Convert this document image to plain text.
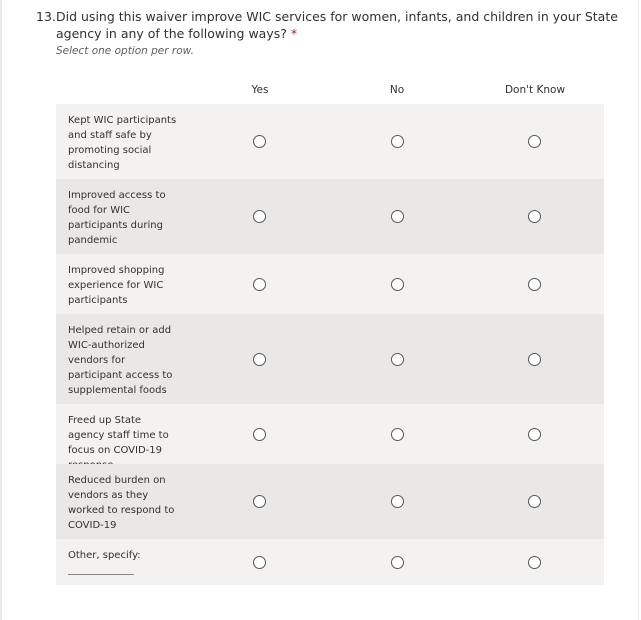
13. Did using this waiver improve WIC services for women, infants, and children in your State agency in any of the following ways? *
Select one option per row.
Yes	No	Don't Know
Kept WIC participants and staff safe by promoting social distancing
Improved access to food for WIC participants during pandemic
Improved shopping experience for WIC participants
Helped retain or add WIC-authorized vendors for participant access to supplemental foods
Freed up State agency staff time to focus on COVID-19
Reduced burden on vendors as they worked to respond to COVID-19
Other, specify:
